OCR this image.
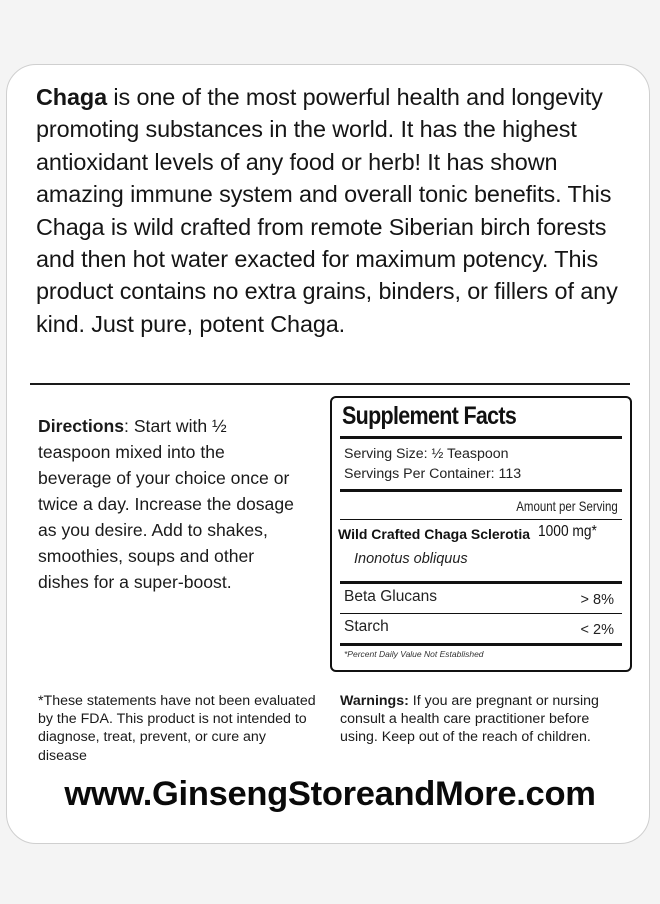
Chaga is one of the most powerful health and longevity promoting substances in the world. It has the highest antioxidant levels of any food or herb! It has shown amazing immune system and overall tonic benefits. This Chaga is wild crafted from remote Siberian birch forests and then hot water exacted for maximum potency. This product contains no extra grains, binders, or fillers of any kind. Just pure, potent Chaga.
Directions: Start with ½ teaspoon mixed into the beverage of your choice once or twice a day. Increase the dosage as you desire. Add to shakes, smoothies, soups and other dishes for a super-boost.
Supplement Facts
Serving Size: ½ Teaspoon
Servings Per Container: 113
Amount per Serving
Wild Crafted Chaga Sclerotia 1000 mg*
Inonotus obliquus
Beta Glucans	> 8%
Starch	< 2%
*Percent Daily Value Not Established
*These statements have not been evaluated by the FDA. This product is not intended to diagnose, treat, prevent, or cure any disease
Warnings: If you are pregnant or nursing consult a health care practitioner before using. Keep out of the reach of children.
www.GinsengStoreandMore.com
